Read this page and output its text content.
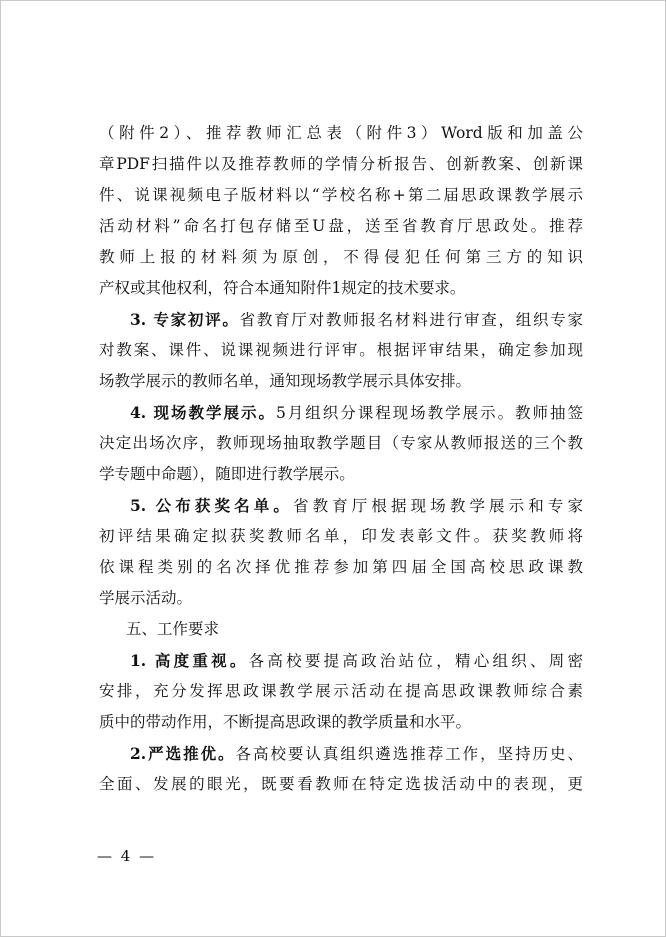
（附件2）、推荐教师汇总表（附件3）Word版和加盖公
章PDF扫描件以及推荐教师的学情分析报告、创新教案、创新课
件、说课视频电子版材料以“学校名称+第二届思政课教学展示
活动材料”命名打包存储至U盘，送至省教育厅思政处。推荐
教师上报的材料须为原创，不得侵犯任何第三方的知识
产权或其他权利，符合本通知附件1规定的技术要求。
3. 专家初评。省教育厅对教师报名材料进行审查，组织专家
对教案、课件、说课视频进行评审。根据评审结果，确定参加现
场教学展示的教师名单，通知现场教学展示具体安排。
4. 现场教学展示。5月组织分课程现场教学展示。教师抽签
决定出场次序，教师现场抽取教学题目（专家从教师报送的三个教
学专题中命题），随即进行教学展示。
5. 公布获奖名单。省教育厅根据现场教学展示和专家
初评结果确定拟获奖教师名单，印发表彰文件。获奖教师将
依课程类别的名次择优推荐参加第四届全国高校思政课教
学展示活动。
五、工作要求
1. 高度重视。各高校要提高政治站位，精心组织、周密
安排，充分发挥思政课教学展示活动在提高思政课教师综合素
质中的带动作用，不断提高思政课的教学质量和水平。
2.严选推优。各高校要认真组织遴选推荐工作，坚持历史、
全面、发展的眼光，既要看教师在特定选拔活动中的表现，更
— 4 —
